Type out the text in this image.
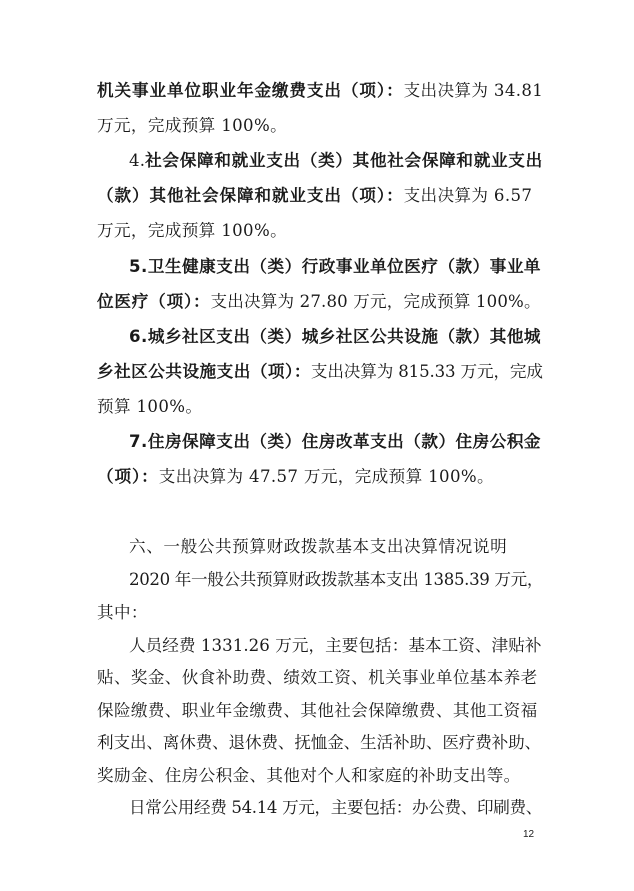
机关事业单位职业年金缴费支出（项）：支出决算为 34.81
万元，完成预算 100%。
4.社会保障和就业支出（类）其他社会保障和就业支出
（款）其他社会保障和就业支出（项）：支出决算为 6.57
万元，完成预算 100%。
5.卫生健康支出（类）行政事业单位医疗（款）事业单
位医疗（项）：支出决算为 27.80 万元，完成预算 100%。
6.城乡社区支出（类）城乡社区公共设施（款）其他城
乡社区公共设施支出（项）：支出决算为 815.33 万元，完成
预算 100%。
7.住房保障支出（类）住房改革支出（款）住房公积金
（项）：支出决算为 47.57 万元，完成预算 100%。
六、一般公共预算财政拨款基本支出决算情况说明
2020 年一般公共预算财政拨款基本支出 1385.39 万元，
其中：
人员经费 1331.26 万元，主要包括：基本工资、津贴补
贴、奖金、伙食补助费、绩效工资、机关事业单位基本养老
保险缴费、职业年金缴费、其他社会保障缴费、其他工资福
利支出、离休费、退休费、抚恤金、生活补助、医疗费补助、
奖励金、住房公积金、其他对个人和家庭的补助支出等。
日常公用经费 54.14 万元，主要包括：办公费、印刷费、
12
